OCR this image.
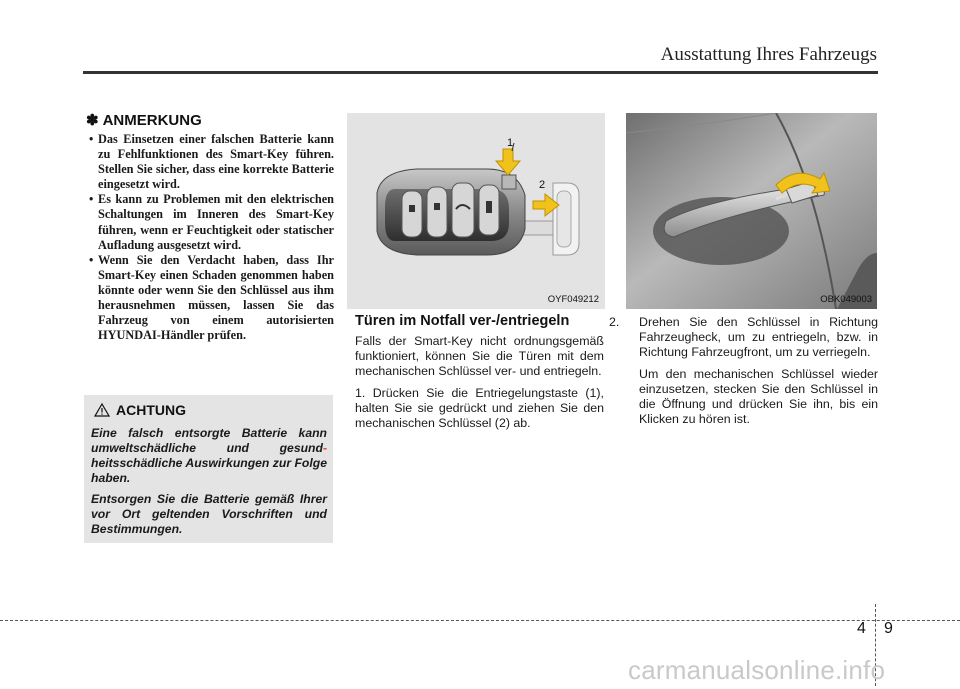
Ausstattung Ihres Fahrzeugs
✽ ANMERKUNG
• Das Einsetzen einer falschen Batterie kann zu Fehlfunktionen des Smart-Key führen. Stellen Sie sicher, dass eine korrekte Batterie eingesetzt wird.
• Es kann zu Problemen mit den elektrischen Schaltungen im Inneren des Smart-Key führen, wenn er Feuchtigkeit oder statischer Aufladung ausgesetzt wird.
• Wenn Sie den Verdacht haben, dass Ihr Smart-Key einen Schaden genommen haben könnte oder wenn Sie den Schlüssel aus ihm herausnehmen müssen, lassen Sie das Fahrzeug von einem autorisierten HYUNDAI-Händler prüfen.
ACHTUNG

Eine falsch entsorgte Batterie kann umweltschädliche und gesund- heitsschädliche Auswirkungen zur Folge haben.

Entsorgen Sie die Batterie gemäß Ihrer vor Ort geltenden Vorschriften und Bestimmungen.

1
2
OYF049212	OBK049003
Türen im Notfall ver-/entriegeln

Falls der Smart-Key nicht ordnungsgemäß funktioniert, können Sie die Türen mit dem mechanischen Schlüssel ver- und entriegeln.

1. Drücken Sie die Entriegelungstaste (1), halten Sie sie gedrückt und ziehen Sie den mechanischen Schlüssel (2) ab.

2. Drehen Sie den Schlüssel in Richtung Fahrzeugheck, um zu entriegeln, bzw. in Richtung Fahrzeugfront, um zu verriegeln.

Um den mechanischen Schlüssel wieder einzusetzen, stecken Sie den Schlüssel in die Öffnung und drücken Sie ihn, bis ein Klicken zu hören ist.

4 9
carmanualsonline.info
